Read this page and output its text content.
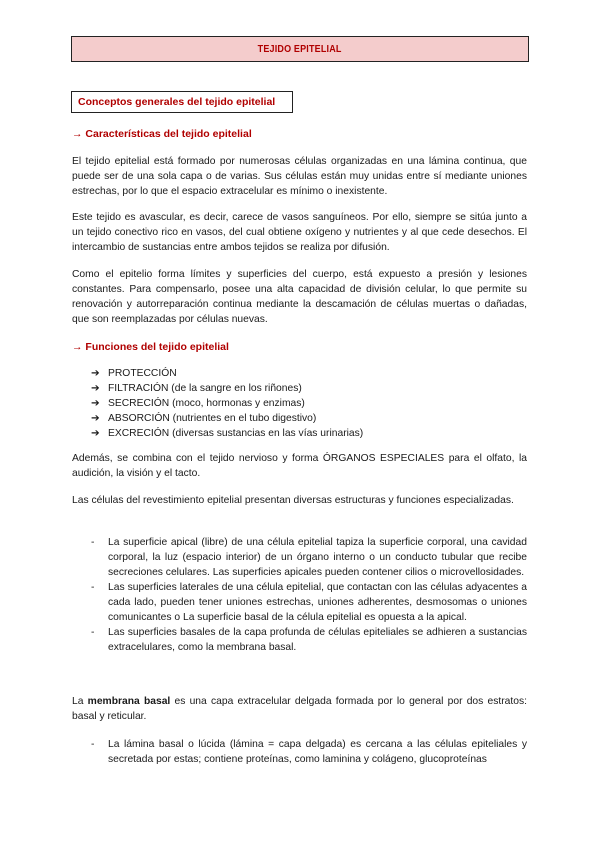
TEJIDO EPITELIAL
Conceptos generales del tejido epitelial
→ Características del tejido epitelial

El tejido epitelial está formado por numerosas células organizadas en una lámina continua, que puede ser de una sola capa o de varias. Sus células están muy unidas entre sí mediante uniones estrechas, por lo que el espacio extracelular es mínimo o inexistente.

Este tejido es avascular, es decir, carece de vasos sanguíneos. Por ello, siempre se sitúa junto a un tejido conectivo rico en vasos, del cual obtiene oxígeno y nutrientes y al que cede desechos. El intercambio de sustancias entre ambos tejidos se realiza por difusión.

Como el epitelio forma límites y superficies del cuerpo, está expuesto a presión y lesiones constantes. Para compensarlo, posee una alta capacidad de división celular, lo que permite su renovación y autorreparación continua mediante la descamación de células muertas o dañadas, que son reemplazadas por células nuevas.

→ Funciones del tejido epitelial
➔ PROTECCIÓN
➔ FILTRACIÓN (de la sangre en los riñones)
➔ SECRECIÓN (moco, hormonas y enzimas)
➔ ABSORCIÓN (nutrientes en el tubo digestivo)
➔ EXCRECIÓN (diversas sustancias en las vías urinarias)

Además, se combina con el tejido nervioso y forma ÓRGANOS ESPECIALES para el olfato, la audición, la visión y el tacto.

Las células del revestimiento epitelial presentan diversas estructuras y funciones especializadas.

-	La superficie apical (libre) de una célula epitelial tapiza la superficie corporal, una cavidad corporal, la luz (espacio interior) de un órgano interno o un conducto tubular que recibe secreciones celulares. Las superficies apicales pueden contener cilios o microvellosidades.
-	Las superficies laterales de una célula epitelial, que contactan con las células adyacentes a cada lado, pueden tener uniones estrechas, uniones adherentes, desmosomas o uniones comunicantes o La superficie basal de la célula epitelial es opuesta a la apical.
-	Las superficies basales de la capa profunda de células epiteliales se adhieren a sustancias extracelulares, como la membrana basal.

La membrana basal es una capa extracelular delgada formada por lo general por dos estratos: basal y reticular.

-	La lámina basal o lúcida (lámina = capa delgada) es cercana a las células epiteliales y secretada por estas; contiene proteínas, como laminina y colágeno, glucoproteínas
